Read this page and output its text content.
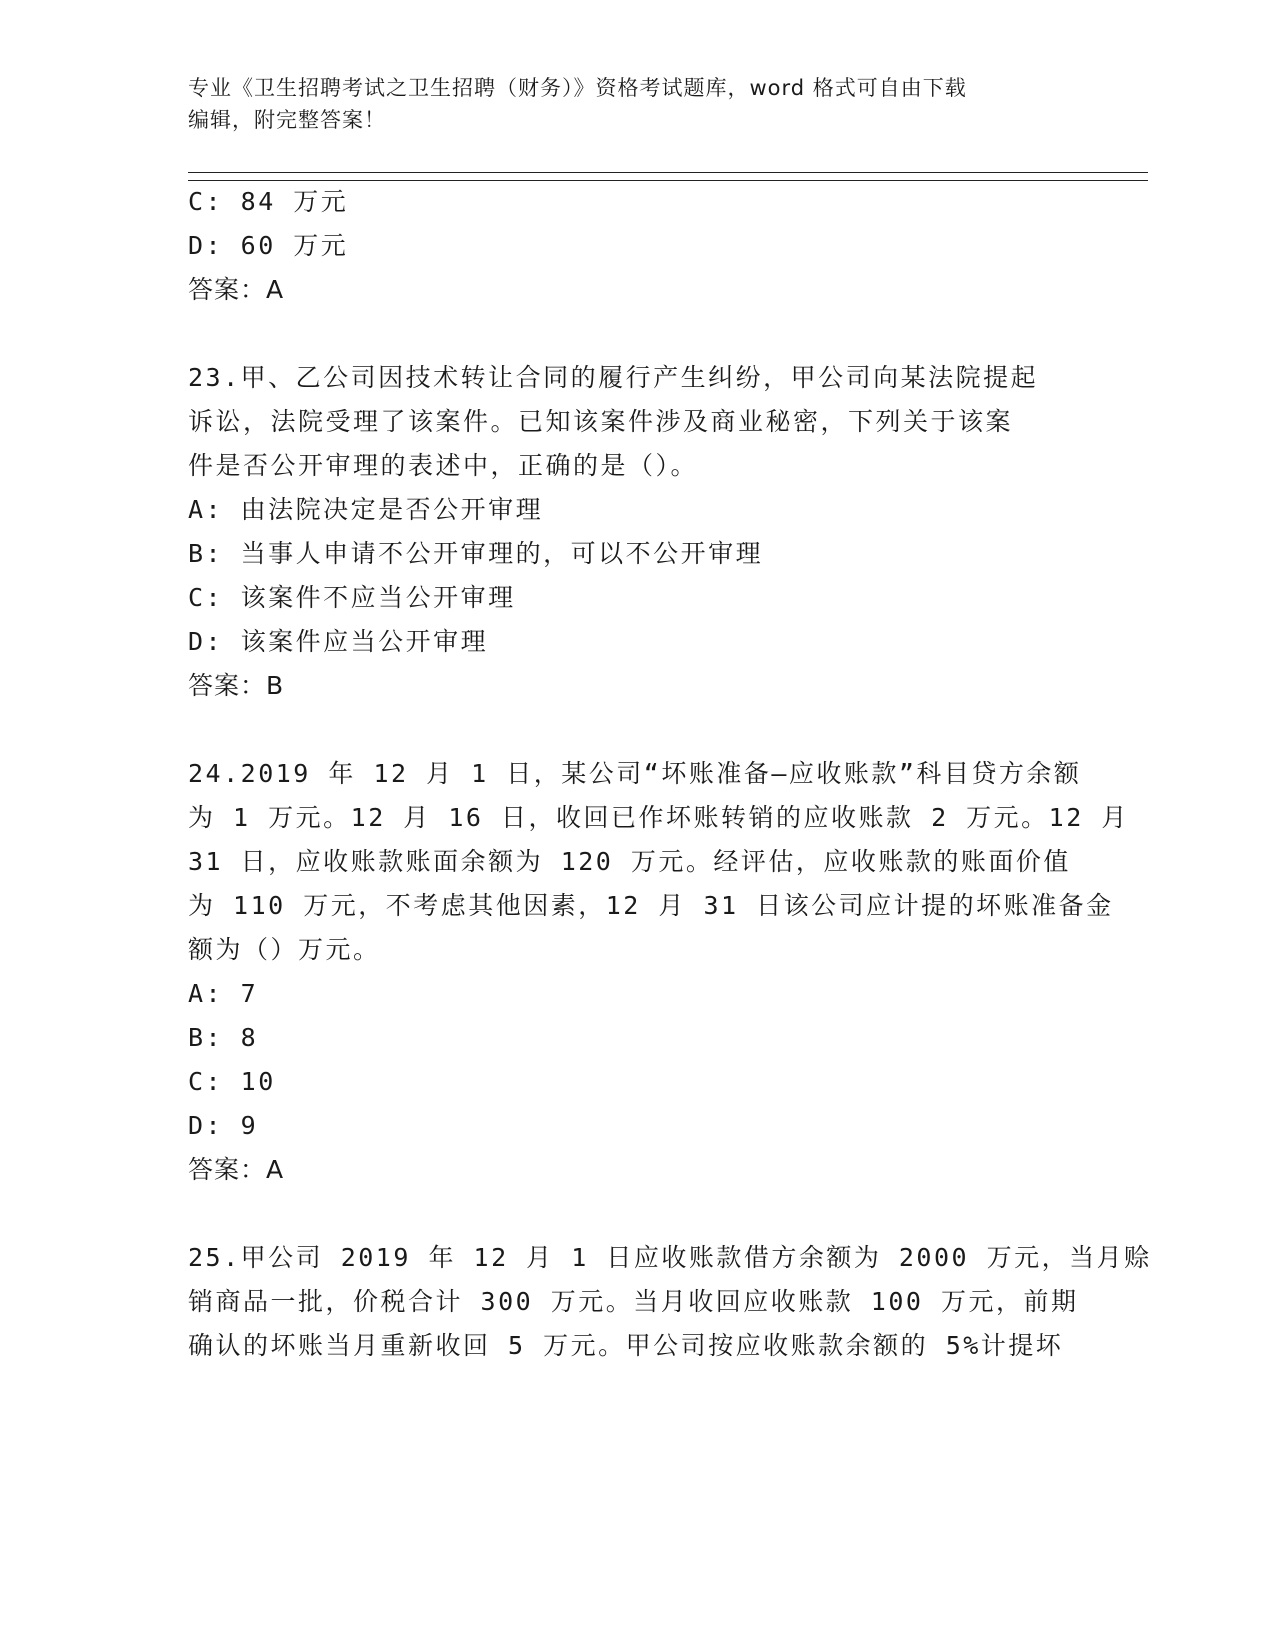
专业《卫生招聘考试之卫生招聘（财务）》资格考试题库，word 格式可自由下载
编辑，附完整答案！
C: 84 万元
D: 60 万元
答案：A
23.甲、乙公司因技术转让合同的履行产生纠纷，甲公司向某法院提起
诉讼，法院受理了该案件。已知该案件涉及商业秘密，下列关于该案
件是否公开审理的表述中，正确的是（）。
A: 由法院决定是否公开审理
B: 当事人申请不公开审理的，可以不公开审理
C: 该案件不应当公开审理
D: 该案件应当公开审理
答案：B
24.2019 年 12 月 1 日，某公司“坏账准备—应收账款”科目贷方余额
为 1 万元。12 月 16 日，收回已作坏账转销的应收账款 2 万元。12 月
31 日，应收账款账面余额为 120 万元。经评估，应收账款的账面价值
为 110 万元，不考虑其他因素，12 月 31 日该公司应计提的坏账准备金
额为（）万元。
A: 7
B: 8
C: 10
D: 9
答案：A
25.甲公司 2019 年 12 月 1 日应收账款借方余额为 2000 万元，当月赊
销商品一批，价税合计 300 万元。当月收回应收账款 100 万元，前期
确认的坏账当月重新收回 5 万元。甲公司按应收账款余额的 5%计提坏
